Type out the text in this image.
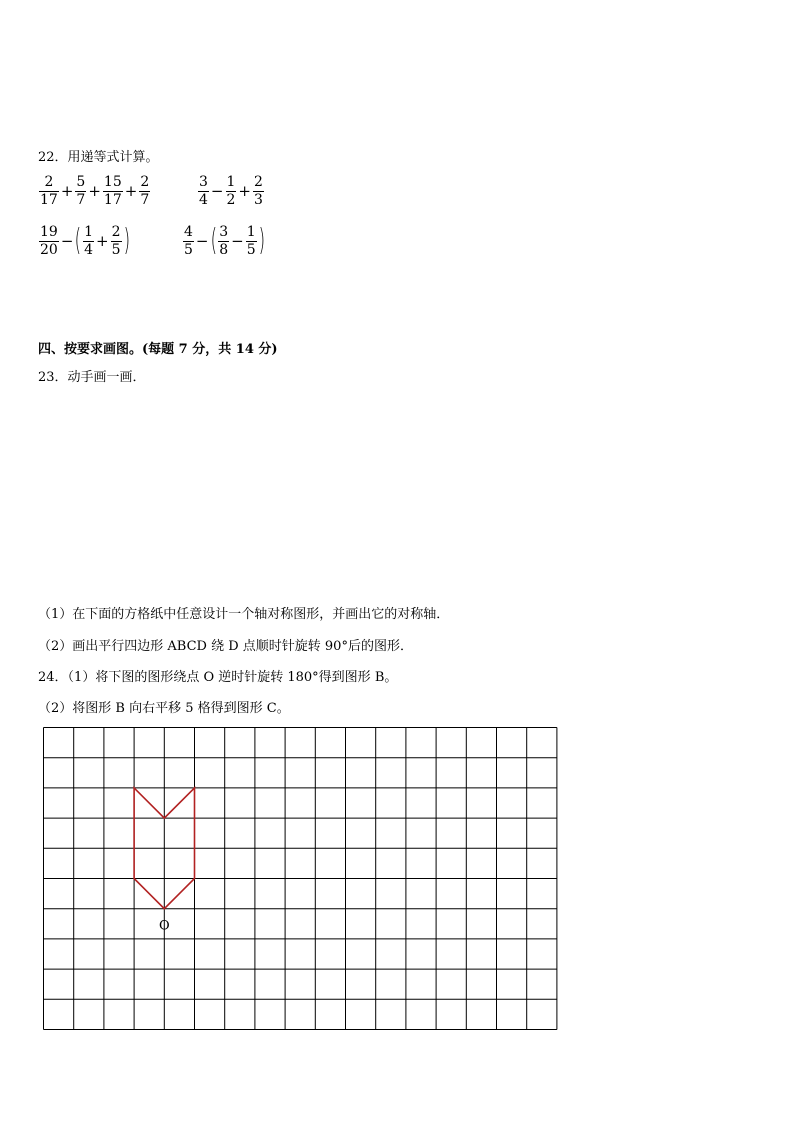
22．用递等式计算。
$\frac{2}{17} + \frac{5}{7} + \frac{15}{17} + \frac{2}{7}$	$\frac{3}{4} - \frac{1}{2} + \frac{2}{3}$
$\frac{19}{20}$ − ( $\frac{1}{4} + \frac{2}{5}$ )	$\frac{4}{5}$ − ( $\frac{3}{8} - \frac{1}{5}$ )
四、按要求画图。(每题 7 分，共 14 分)
23．动手画一画．
（1）在下面的方格纸中任意设计一个轴对称图形，并画出它的对称轴．
（2）画出平行四边形 ABCD 绕 D 点顺时针旋转 90°后的图形．
24．（1）将下图的图形绕点 O 逆时针旋转 180°得到图形 B。
（2）将图形 B 向右平移 5 格得到图形 C。
O
